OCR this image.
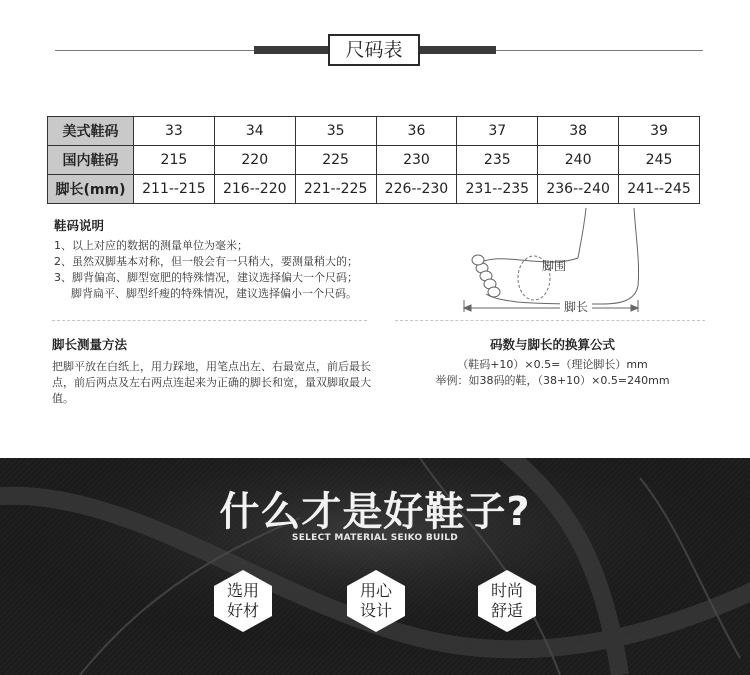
尺码表
美式鞋码	33	34	35	36	37	38	39
国内鞋码	215	220	225	230	235	240	245
脚长(mm)	211--215	216--220	221--225	226--230	231--235	236--240	241--245
鞋码说明
1、以上对应的数据的测量单位为毫米；
2、虽然双脚基本对称，但一般会有一只稍大，要测量稍大的；
3、脚背偏高、脚型宽肥的特殊情况，建议选择偏大一个尺码；
脚背扁平、脚型纤瘦的特殊情况，建议选择偏小一个尺码。
脚长
脚围
脚长测量方法
把脚平放在白纸上，用力踩地，用笔点出左、右最宽点，前后最长点，前后两点及左右两点连起来为正确的脚长和宽，量双脚取最大值。
码数与脚长的换算公式
（鞋码+10）×0.5=（理论脚长）mm
举例：如38码的鞋，（38+10）×0.5=240mm
什么才是好鞋子?
SELECT MATERIAL SEIKO BUILD
选用
好材
用心
设计
时尚
舒适
